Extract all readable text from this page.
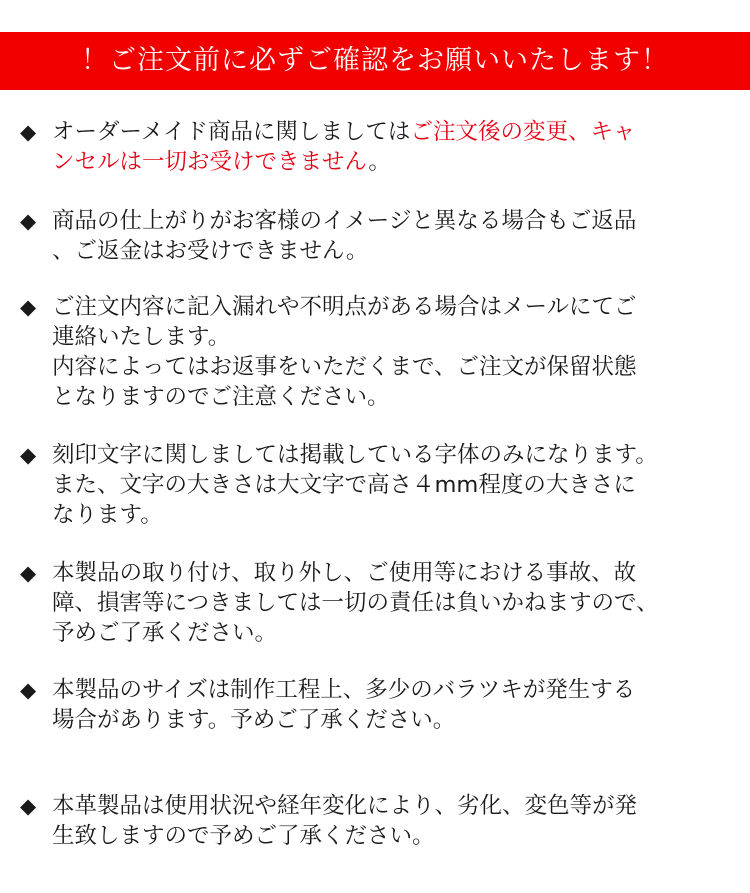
！ご注文前に必ずご確認をお願いいたします！
◆ オーダーメイド商品に関しましてはご注文後の変更、キャ
ンセルは一切お受けできません。
◆ 商品の仕上がりがお客様のイメージと異なる場合もご返品
、ご返金はお受けできません。
◆ ご注文内容に記入漏れや不明点がある場合はメールにてご
連絡いたします。
内容によってはお返事をいただくまで、ご注文が保留状態
となりますのでご注意ください。
◆ 刻印文字に関しましては掲載している字体のみになります。
また、文字の大きさは大文字で高さ４mm程度の大きさに
なります。
◆ 本製品の取り付け、取り外し、ご使用等における事故、故
障、損害等につきましては一切の責任は負いかねますので、
予めご了承ください。
◆ 本製品のサイズは制作工程上、多少のバラツキが発生する
場合があります。予めご了承ください。
◆ 本革製品は使用状況や経年変化により、劣化、変色等が発
生致しますので予めご了承ください。
